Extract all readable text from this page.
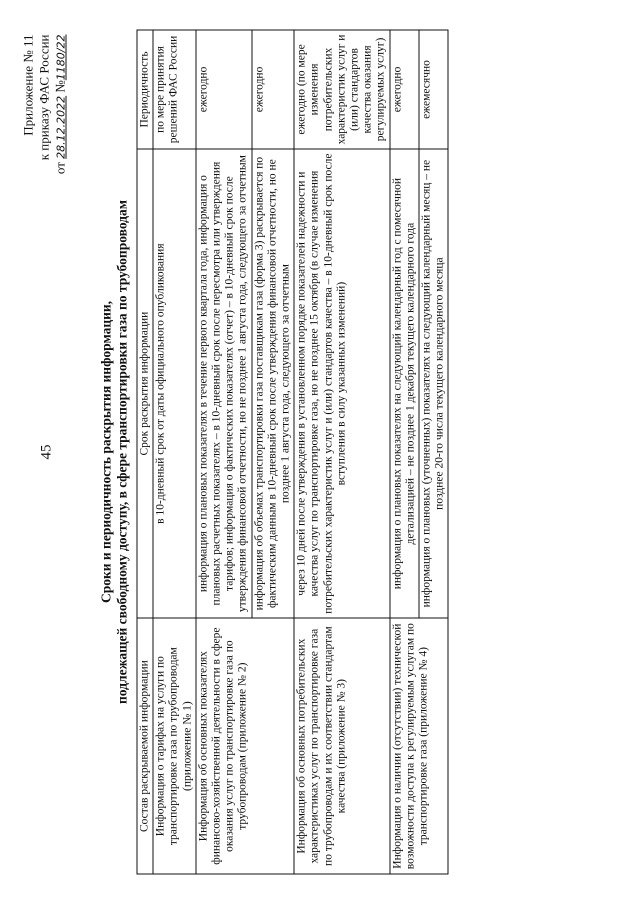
45
Приложение № 11 к приказу ФАС России
от 28.12.2022 №1180/22
Сроки и периодичность раскрытия информации, подлежащей свободному доступу, в сфере транспортировки газа по трубопроводам
Состав раскрываемой информации	Срок раскрытия информации	Периодичность
Информация о тарифах на услуги по транспортировке газа по трубопроводам (приложение № 1)	в 10-дневный срок от даты официального опубликования	по мере принятия решений ФАС России
Информация об основных показателях финансово-хозяйственной деятельности в сфере оказания услуг по транспортировке газа по трубопроводам (приложение № 2)	информация о плановых показателях в течение первого квартала года, информация о плановых расчетных показателях – в 10-дневный срок после пересмотра или утверждения тарифов; информация о фактических показателях (отчет) – в 10-дневный срок после утверждения финансовой отчетности, но не позднее 1 августа года, следующего за отчетным	ежегодно
	информация об объемах транспортировки газа поставщикам газа (форма 3) раскрывается по фактическим данным в 10-дневный срок после утверждения финансовой отчетности, но не позднее 1 августа года, следующего за отчетным	ежегодно
Информация об основных потребительских характеристиках услуг по транспортировке газа по трубопроводам и их соответствии стандартам качества (приложение № 3)	через 10 дней после утверждения в установленном порядке показателей надежности и качества услуг по транспортировке газа, но не позднее 15 октября (в случае изменения потребительских характеристик услуг и (или) стандартов качества – в 10-дневный срок после вступления в силу указанных изменений)	ежегодно (по мере изменения потребительских характеристик услуг и (или) стандартов качества оказания регулируемых услуг)
Информация о наличии (отсутствии) технической возможности доступа к регулируемым услугам по транспортировке газа (приложение № 4)	информация о плановых показателях на следующий календарный год с помесячной детализацией – не позднее 1 декабря текущего календарного года	ежегодно
	информация о плановых (уточненных) показателях на следующий календарный месяц – не позднее 20-го числа текущего календарного месяца	ежемесячно
